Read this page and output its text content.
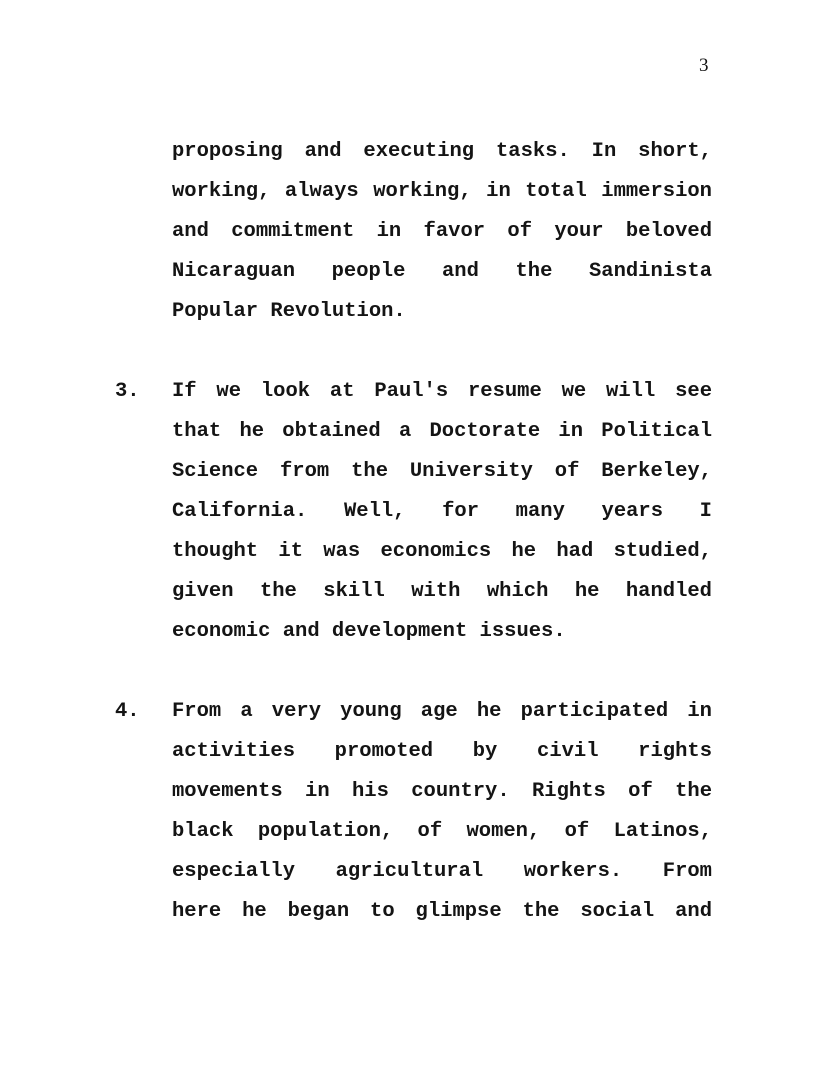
3
proposing and executing tasks. In short,
working, always working, in total immersion
and commitment in favor of your beloved
Nicaraguan people and the Sandinista
Popular Revolution.
3. If we look at Paul's resume we will see
that he obtained a Doctorate in Political
Science from the University of Berkeley,
California. Well, for many years I
thought it was economics he had studied,
given the skill with which he handled
economic and development issues.
4. From a very young age he participated in
activities promoted by civil rights
movements in his country. Rights of the
black population, of women, of Latinos,
especially agricultural workers. From
here he began to glimpse the social and
